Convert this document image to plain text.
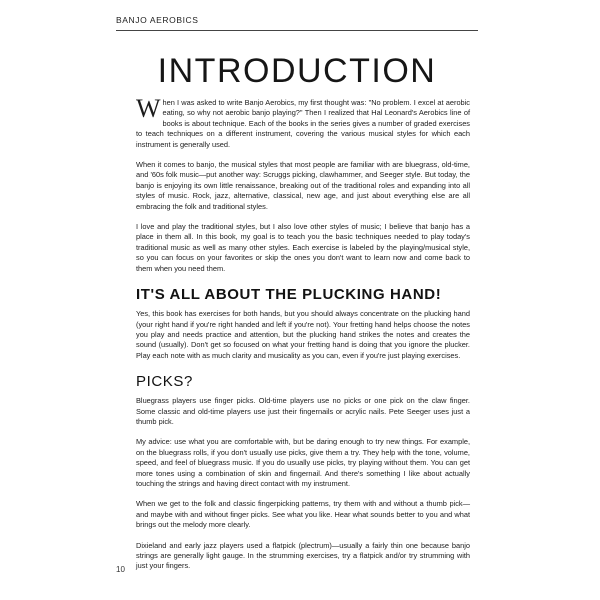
BANJO AEROBICS
INTRODUCTION

When I was asked to write Banjo Aerobics, my first thought was: "No problem. I excel at aerobic eating, so why not aerobic banjo playing?" Then I realized that Hal Leonard's Aerobics line of books is about technique. Each of the books in the series gives a number of graded exercises to teach techniques on a different instrument, covering the various musical styles for which each instrument is generally used.

When it comes to banjo, the musical styles that most people are familiar with are bluegrass, old-time, and '60s folk music—put another way: Scruggs picking, clawhammer, and Seeger style. But today, the banjo is enjoying its own little renaissance, breaking out of the traditional roles and expanding into all styles of music. Rock, jazz, alternative, classical, new age, and just about everything else are all embracing the folk and traditional styles.

I love and play the traditional styles, but I also love other styles of music; I believe that banjo has a place in them all. In this book, my goal is to teach you the basic techniques needed to play today's traditional music as well as many other styles. Each exercise is labeled by the playing/musical style, so you can focus on your favorites or skip the ones you don't want to learn now and come back to them when you need them.

IT'S ALL ABOUT THE PLUCKING HAND!

Yes, this book has exercises for both hands, but you should always concentrate on the plucking hand (your right hand if you're right handed and left if you're not). Your fretting hand helps choose the notes you play and needs practice and attention, but the plucking hand strikes the notes and creates the sound (usually). Don't get so focused on what your fretting hand is doing that you ignore the plucker. Play each note with as much clarity and musicality as you can, even if you're just playing exercises.

PICKS?

Bluegrass players use finger picks. Old-time players use no picks or one pick on the claw finger. Some classic and old-time players use just their fingernails or acrylic nails. Pete Seeger uses just a thumb pick.

My advice: use what you are comfortable with, but be daring enough to try new things. For example, on the bluegrass rolls, if you don't usually use picks, give them a try. They help with the tone, volume, speed, and feel of bluegrass music. If you do usually use picks, try playing without them. You can get more tones using a combination of skin and fingernail. And there's something I like about actually touching the strings and having direct contact with my instrument.

When we get to the folk and classic fingerpicking patterns, try them with and without a thumb pick—and maybe with and without finger picks. See what you like. Hear what sounds better to you and what brings out the melody more clearly.

Dixieland and early jazz players used a flatpick (plectrum)—usually a fairly thin one because banjo strings are generally light gauge. In the strumming exercises, try a flatpick and/or try strumming with just your fingers.

10
